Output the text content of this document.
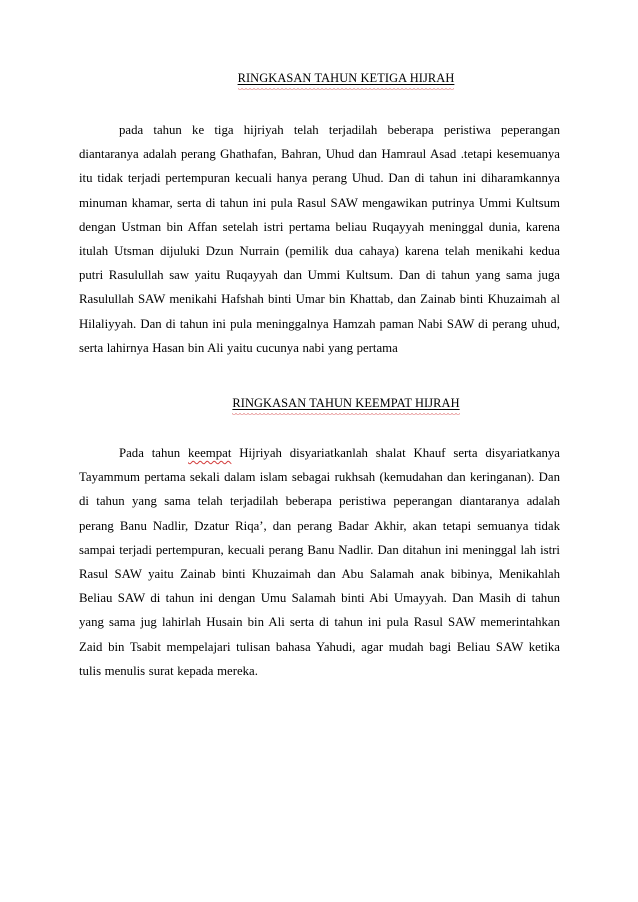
RINGKASAN TAHUN KETIGA HIJRAH

pada tahun ke tiga hijriyah telah terjadilah beberapa peristiwa peperangan diantaranya adalah perang Ghathafan, Bahran, Uhud dan Hamraul Asad .tetapi kesemuanya itu tidak terjadi pertempuran kecuali hanya perang Uhud. Dan di tahun ini diharamkannya minuman khamar, serta di tahun ini pula Rasul SAW mengawikan putrinya Ummi Kultsum dengan Ustman bin Affan setelah istri pertama beliau Ruqayyah meninggal dunia, karena itulah Utsman dijuluki Dzun Nurrain (pemilik dua cahaya) karena telah menikahi kedua putri Rasulullah saw yaitu Ruqayyah dan Ummi Kultsum. Dan di tahun yang sama juga Rasulullah SAW menikahi Hafshah binti Umar bin Khattab, dan Zainab binti Khuzaimah al Hilaliyyah. Dan di tahun ini pula meninggalnya Hamzah paman Nabi SAW di perang uhud, serta lahirnya Hasan bin Ali yaitu cucunya nabi yang pertama

RINGKASAN TAHUN KEEMPAT HIJRAH

Pada tahun keempat Hijriyah disyariatkanlah shalat Khauf serta disyariatkanya Tayammum pertama sekali dalam islam sebagai rukhsah (kemudahan dan keringanan). Dan di tahun yang sama telah terjadilah beberapa peristiwa peperangan diantaranya adalah perang Banu Nadlir, Dzatur Riqa’, dan perang Badar Akhir, akan tetapi semuanya tidak sampai terjadi pertempuran, kecuali perang Banu Nadlir. Dan ditahun ini meninggal lah istri Rasul SAW yaitu Zainab binti Khuzaimah dan Abu Salamah anak bibinya, Menikahlah Beliau SAW di tahun ini dengan Umu Salamah binti Abi Umayyah. Dan Masih di tahun yang sama jug lahirlah Husain bin Ali serta di tahun ini pula Rasul SAW memerintahkan Zaid bin Tsabit mempelajari tulisan bahasa Yahudi, agar mudah bagi Beliau SAW ketika tulis menulis surat kepada mereka.
